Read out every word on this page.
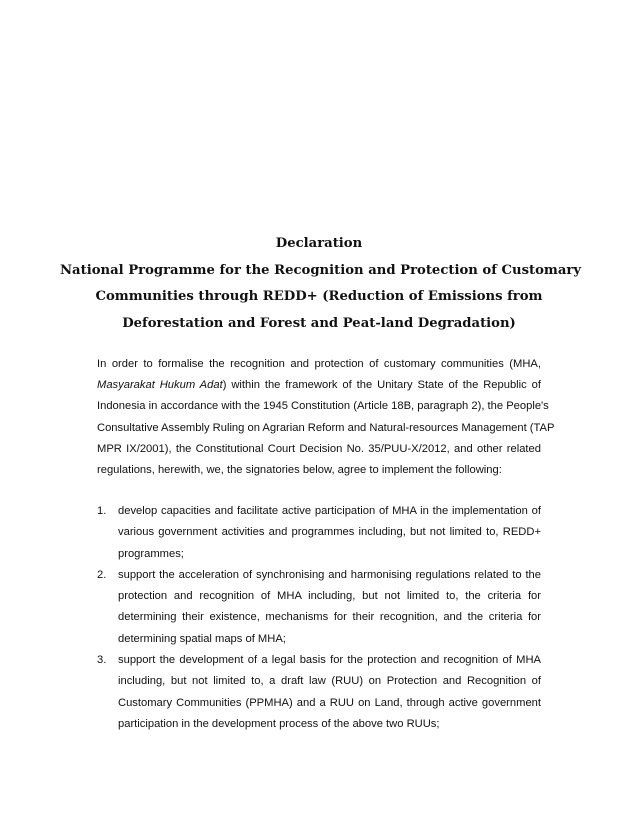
Declaration
National Programme for the Recognition and Protection of Customary
Communities through REDD+ (Reduction of Emissions from
Deforestation and Forest and Peat-land Degradation)
In order to formalise the recognition and protection of customary communities (MHA,
Masyarakat Hukum Adat) within the framework of the Unitary State of the Republic of
Indonesia in accordance with the 1945 Constitution (Article 18B, paragraph 2), the People's
Consultative Assembly Ruling on Agrarian Reform and Natural-resources Management (TAP
MPR IX/2001), the Constitutional Court Decision No. 35/PUU-X/2012, and other related
regulations, herewith, we, the signatories below, agree to implement the following:
1.	develop capacities and facilitate active participation of MHA in the implementation of
various government activities and programmes including, but not limited to, REDD+
programmes;
2.	support the acceleration of synchronising and harmonising regulations related to the
protection and recognition of MHA including, but not limited to, the criteria for
determining their existence, mechanisms for their recognition, and the criteria for
determining spatial maps of MHA;
3.	support the development of a legal basis for the protection and recognition of MHA
including, but not limited to, a draft law (RUU) on Protection and Recognition of
Customary Communities (PPMHA) and a RUU on Land, through active government
participation in the development process of the above two RUUs;
